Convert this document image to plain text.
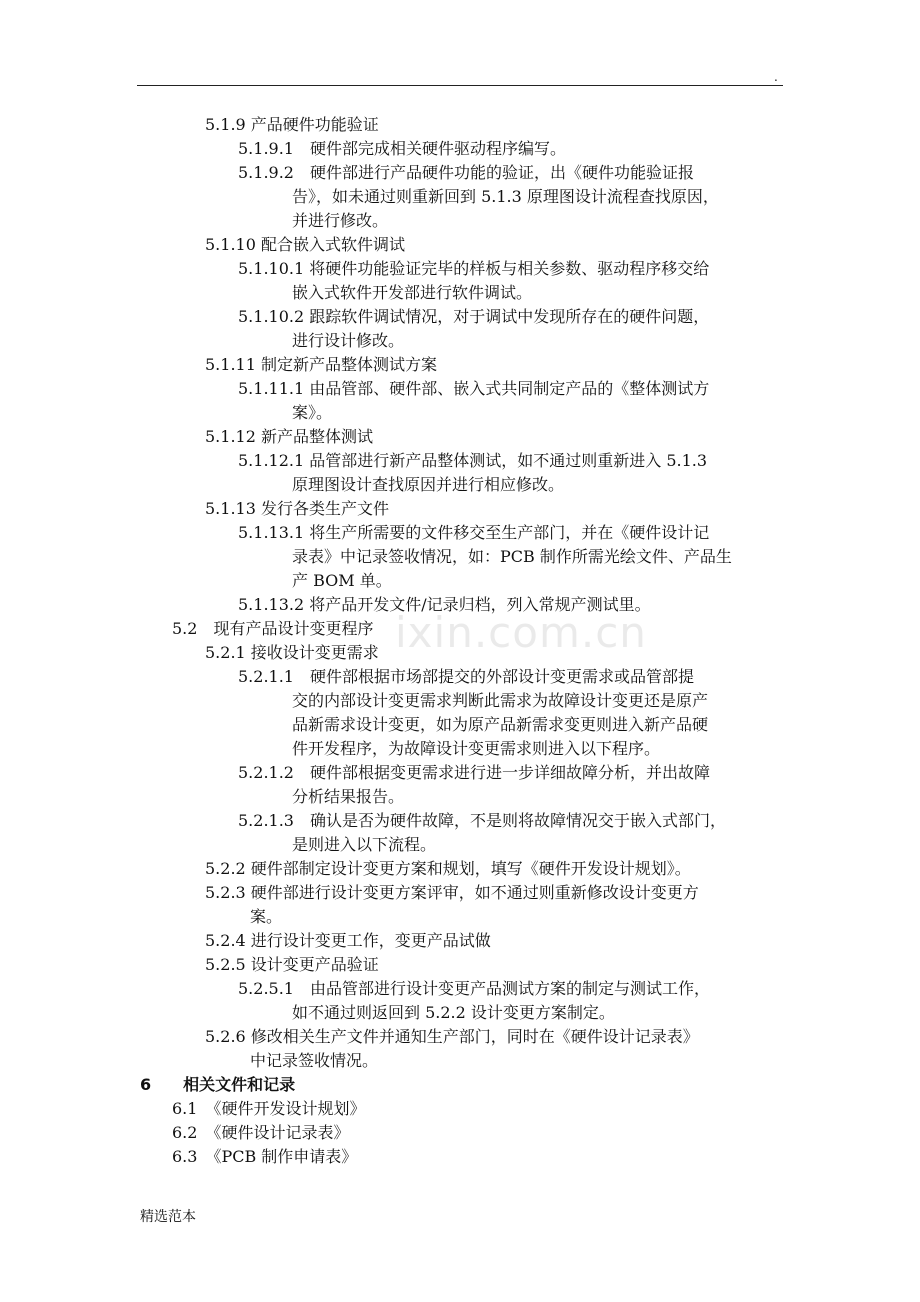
.
ixin.com.cn
5.1.9 产品硬件功能验证
5.1.9.1　硬件部完成相关硬件驱动程序编写。
5.1.9.2　硬件部进行产品硬件功能的验证，出《硬件功能验证报
告》，如未通过则重新回到 5.1.3 原理图设计流程查找原因，
并进行修改。
5.1.10 配合嵌入式软件调试
5.1.10.1 将硬件功能验证完毕的样板与相关参数、驱动程序移交给
嵌入式软件开发部进行软件调试。
5.1.10.2 跟踪软件调试情况，对于调试中发现所存在的硬件问题，
进行设计修改。
5.1.11 制定新产品整体测试方案
5.1.11.1 由品管部、硬件部、嵌入式共同制定产品的《整体测试方
案》。
5.1.12 新产品整体测试
5.1.12.1 品管部进行新产品整体测试，如不通过则重新进入 5.1.3
原理图设计查找原因并进行相应修改。
5.1.13 发行各类生产文件
5.1.13.1 将生产所需要的文件移交至生产部门，并在《硬件设计记
录表》中记录签收情况，如：PCB 制作所需光绘文件、产品生
产 BOM 单。
5.1.13.2 将产品开发文件/记录归档，列入常规产测试里。
5.2　现有产品设计变更程序
5.2.1 接收设计变更需求
5.2.1.1　硬件部根据市场部提交的外部设计变更需求或品管部提
交的内部设计变更需求判断此需求为故障设计变更还是原产
品新需求设计变更，如为原产品新需求变更则进入新产品硬
件开发程序，为故障设计变更需求则进入以下程序。
5.2.1.2　硬件部根据变更需求进行进一步详细故障分析，并出故障
分析结果报告。
5.2.1.3　确认是否为硬件故障，不是则将故障情况交于嵌入式部门，
是则进入以下流程。
5.2.2 硬件部制定设计变更方案和规划，填写《硬件开发设计规划》。
5.2.3 硬件部进行设计变更方案评审，如不通过则重新修改设计变更方
案。
5.2.4 进行设计变更工作，变更产品试做
5.2.5 设计变更产品验证
5.2.5.1　由品管部进行设计变更产品测试方案的制定与测试工作，
如不通过则返回到 5.2.2 设计变更方案制定。
5.2.6 修改相关生产文件并通知生产部门，同时在《硬件设计记录表》
中记录签收情况。
6　　相关文件和记录
6.1　《硬件开发设计规划》
6.2　《硬件设计记录表》
6.3　《PCB 制作申请表》
精选范本
